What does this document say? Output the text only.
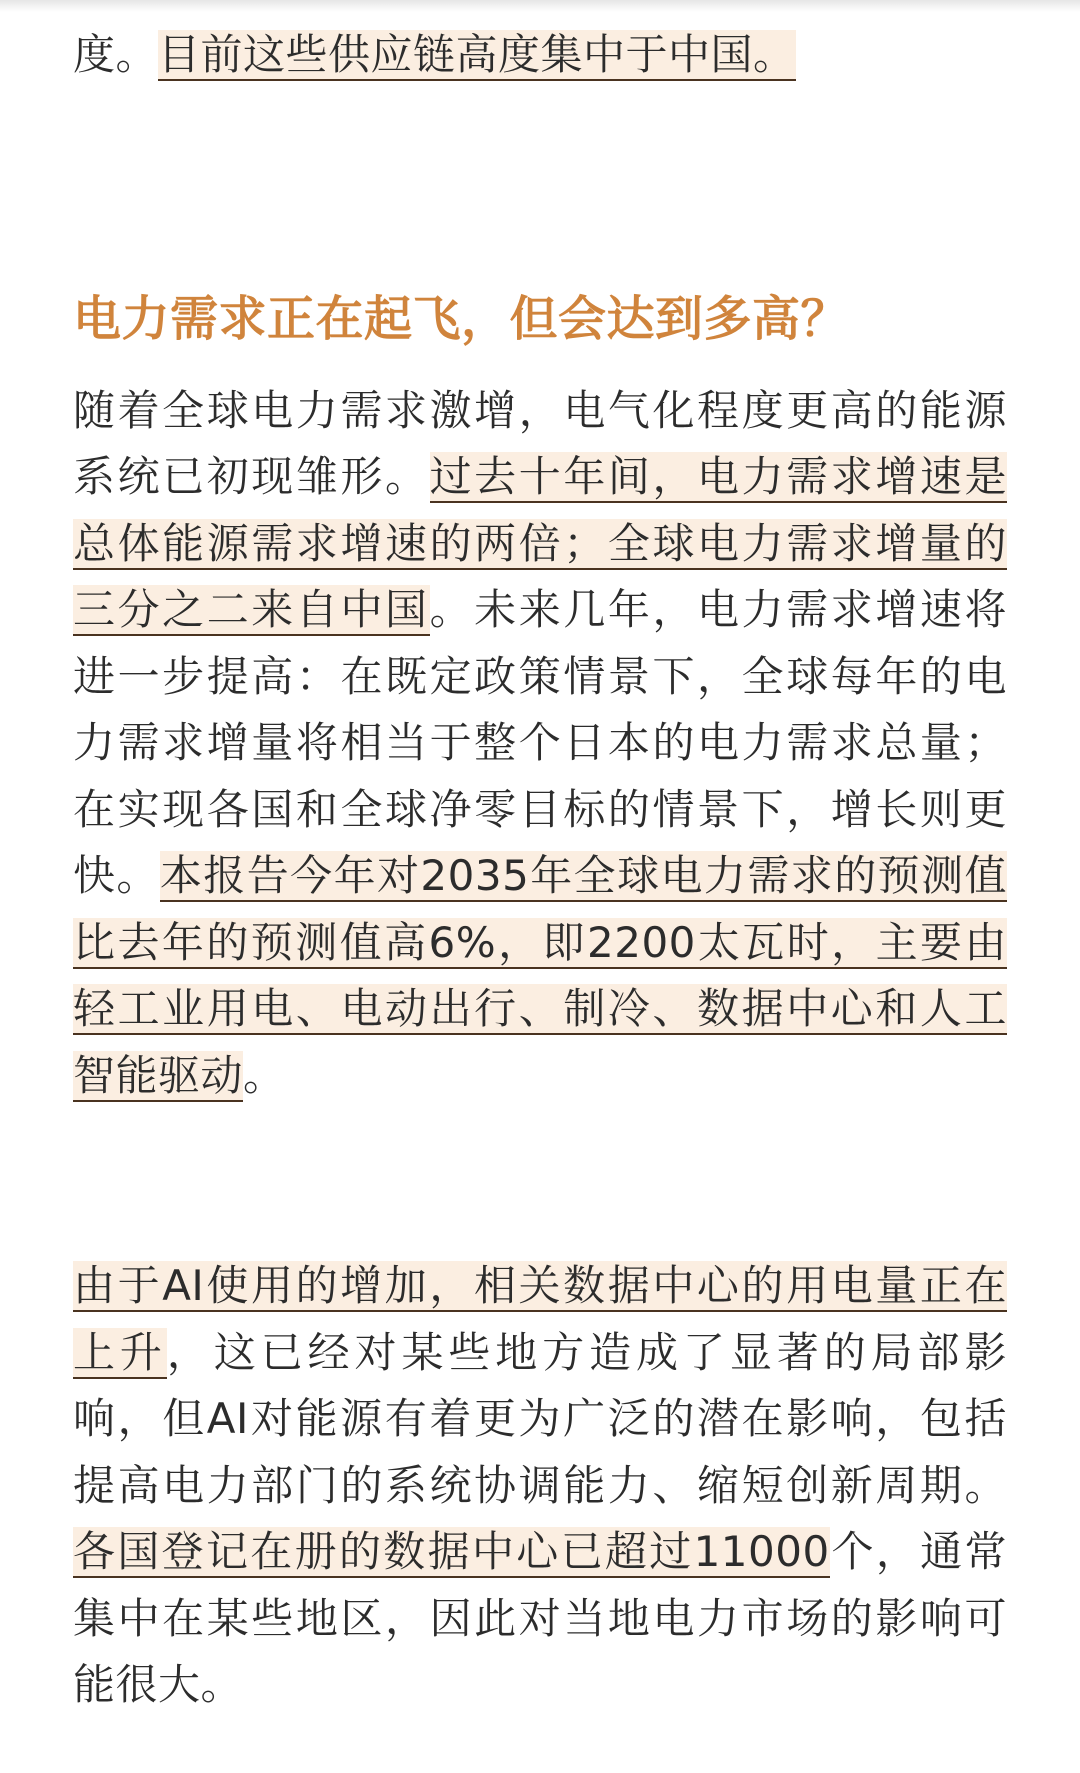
度。目前这些供应链高度集中于中国。

电力需求正在起飞，但会达到多高？

随着全球电力需求激增，电气化程度更高的能源系统已初现雏形。过去十年间，电力需求增速是总体能源需求增速的两倍；全球电力需求增量的三分之二来自中国。未来几年，电力需求增速将进一步提高：在既定政策情景下，全球每年的电力需求增量将相当于整个日本的电力需求总量；在实现各国和全球净零目标的情景下，增长则更快。本报告今年对2035年全球电力需求的预测值比去年的预测值高6%，即2200太瓦时，主要由轻工业用电、电动出行、制冷、数据中心和人工智能驱动。

由于AI使用的增加，相关数据中心的用电量正在上升，这已经对某些地方造成了显著的局部影响，但AI对能源有着更为广泛的潜在影响，包括提高电力部门的系统协调能力、缩短创新周期。各国登记在册的数据中心已超过11000个，通常集中在某些地区，因此对当地电力市场的影响可能很大。
